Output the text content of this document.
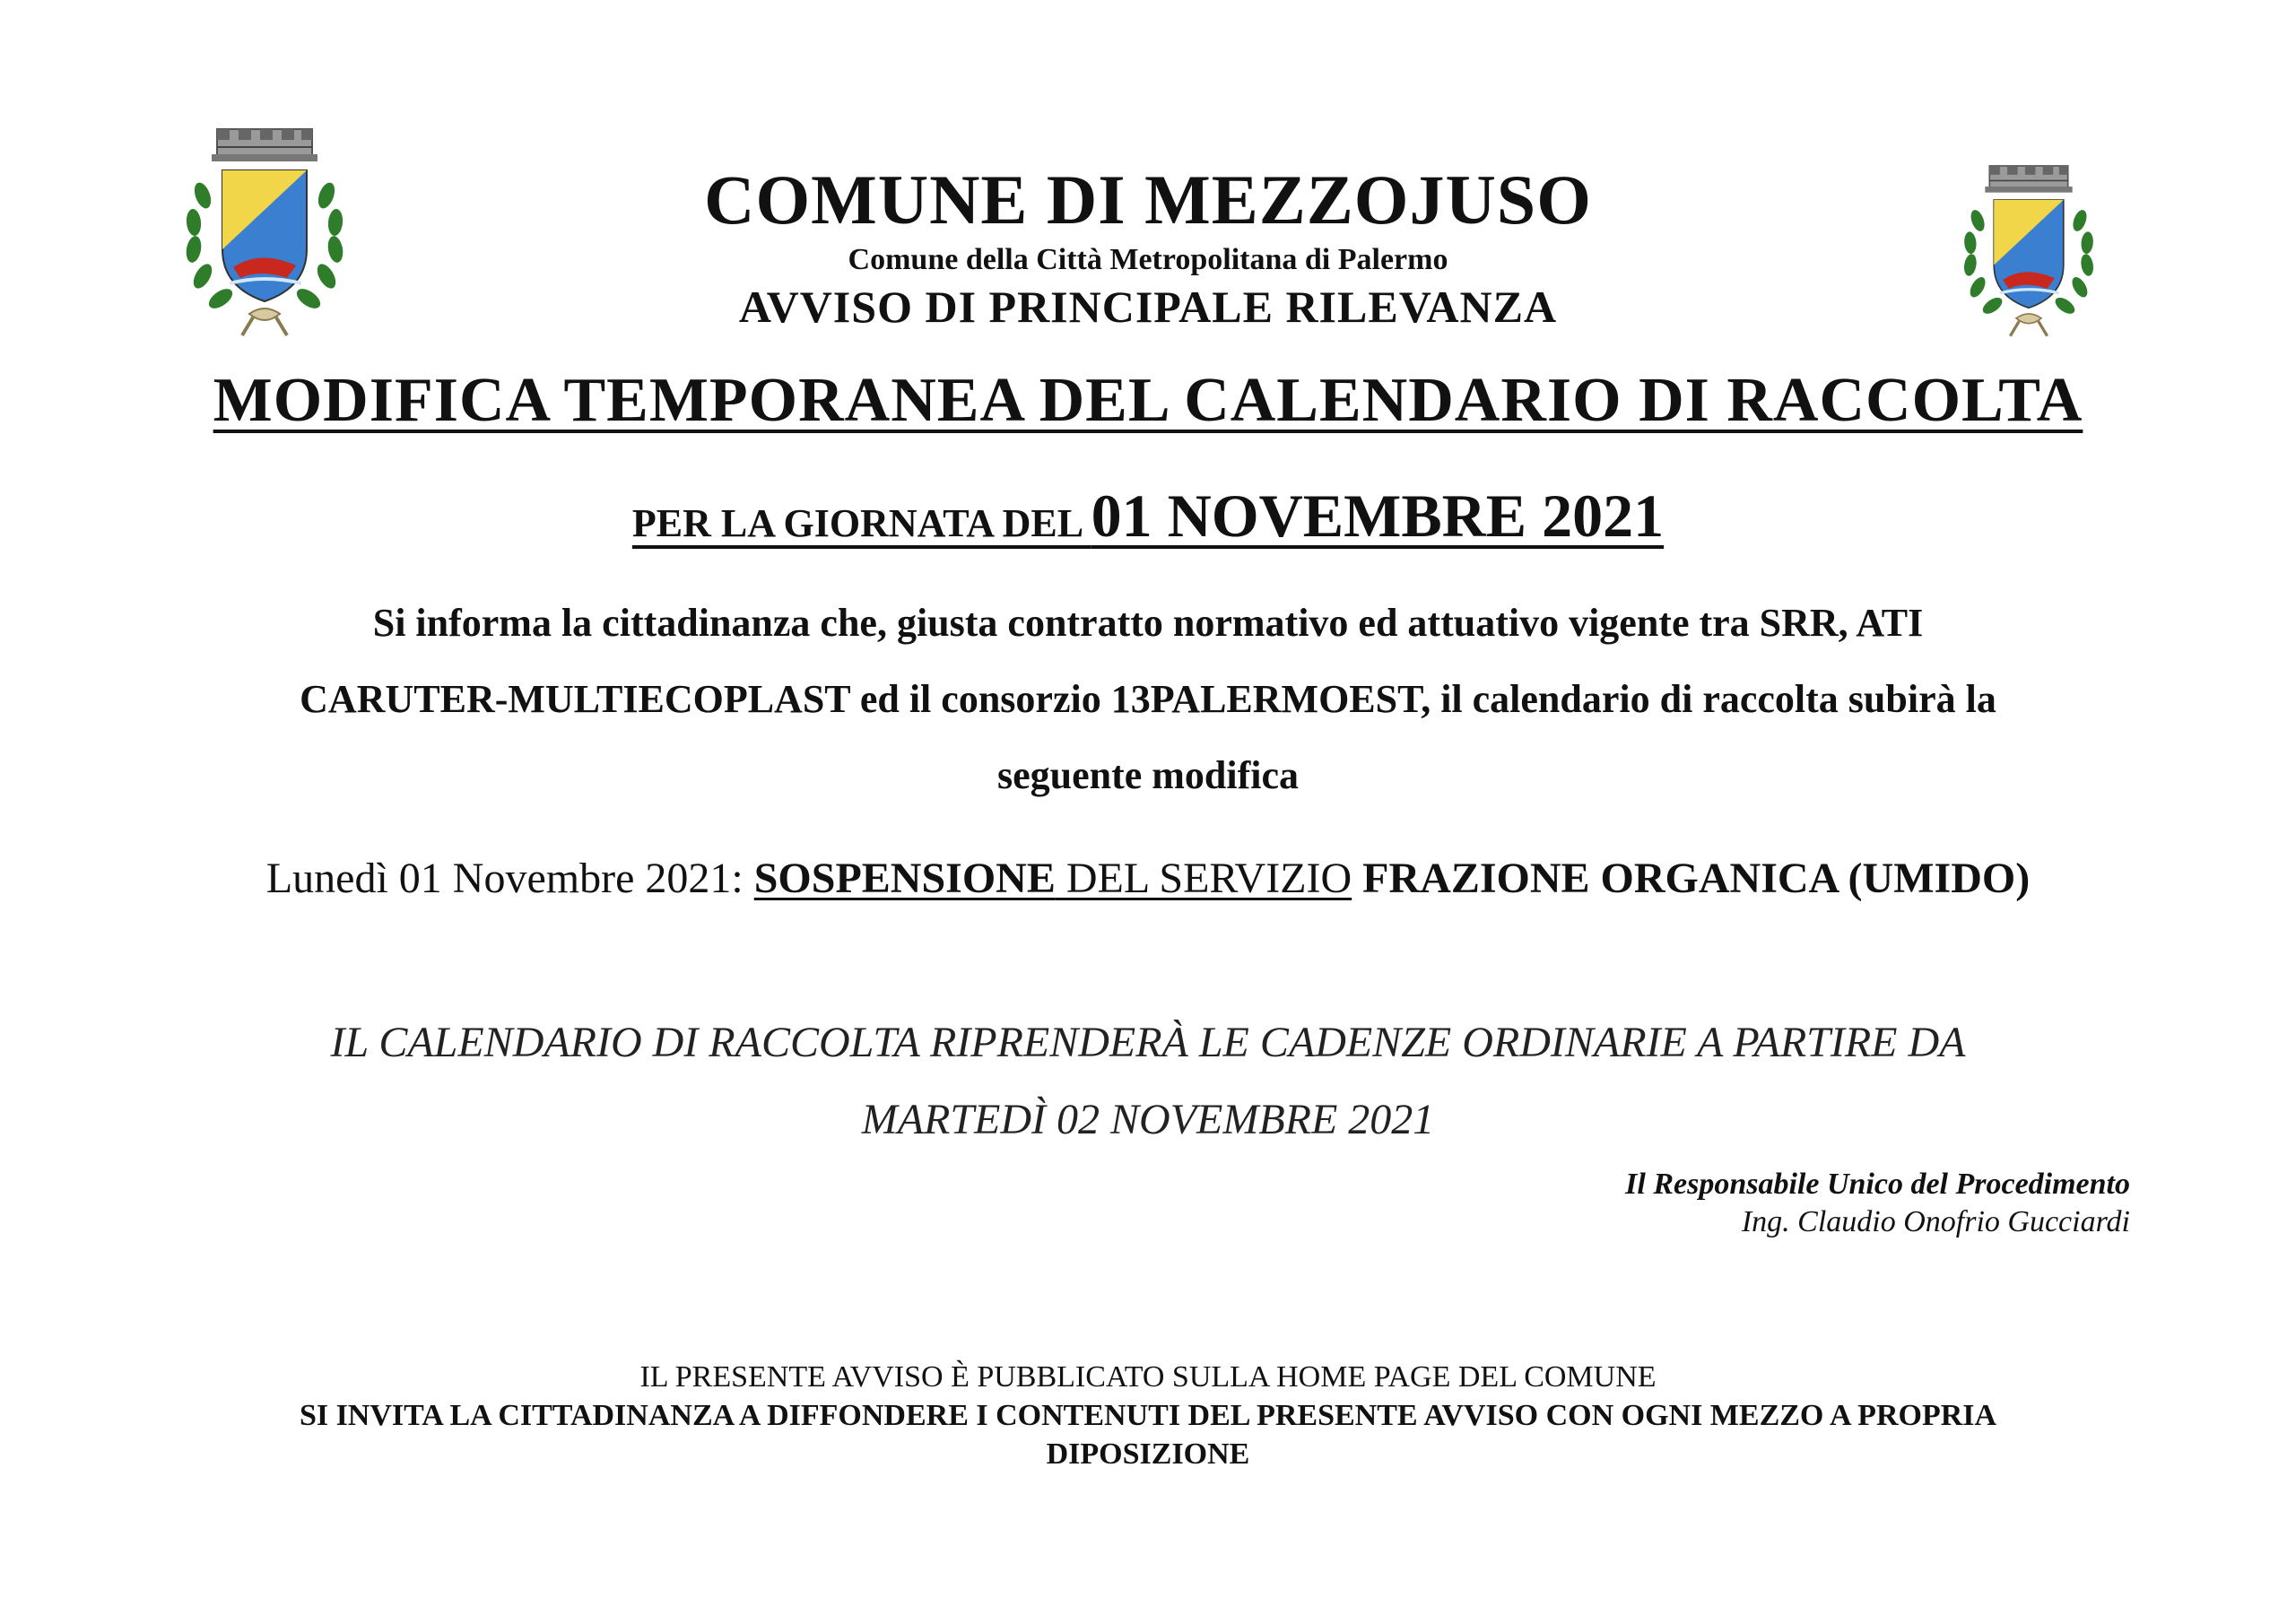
COMUNE DI MEZZOJUSO
Comune della Città Metropolitana di Palermo
AVVISO DI PRINCIPALE RILEVANZA
MODIFICA TEMPORANEA DEL CALENDARIO DI RACCOLTA
PER LA GIORNATA DEL 01 NOVEMBRE 2021
Si informa la cittadinanza che, giusta contratto normativo ed attuativo vigente tra SRR, ATI
CARUTER-MULTIECOPLAST ed il consorzio 13PALERMOEST, il calendario di raccolta subirà la
seguente modifica
Lunedì 01 Novembre 2021: SOSPENSIONE DEL SERVIZIO FRAZIONE ORGANICA (UMIDO)
IL CALENDARIO DI RACCOLTA RIPRENDERÀ LE CADENZE ORDINARIE A PARTIRE DA
MARTEDÌ 02 NOVEMBRE 2021
Il Responsabile Unico del Procedimento
Ing. Claudio Onofrio Gucciardi
IL PRESENTE AVVISO È PUBBLICATO SULLA HOME PAGE DEL COMUNE
SI INVITA LA CITTADINANZA A DIFFONDERE I CONTENUTI DEL PRESENTE AVVISO CON OGNI MEZZO A PROPRIA
DIPOSIZIONE
